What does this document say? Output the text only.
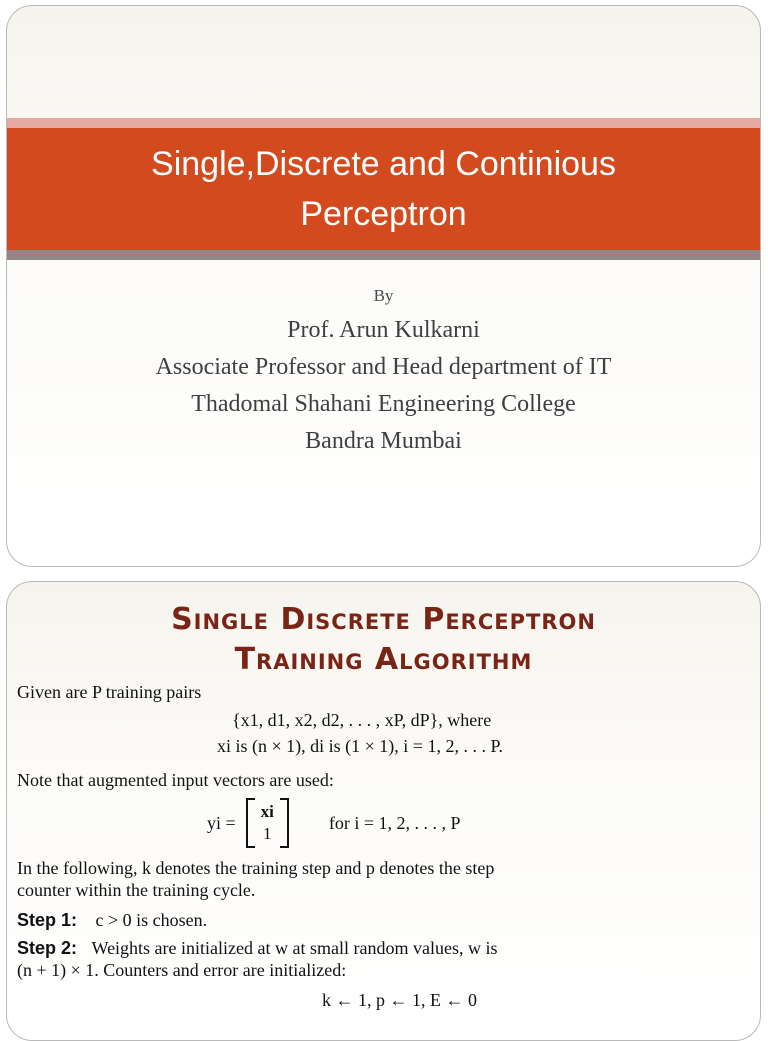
Single,Discrete and Continious
Perceptron
By
Prof. Arun Kulkarni
Associate Professor and Head department of IT
Thadomal Shahani Engineering College
Bandra Mumbai
Single Discrete Perceptron
Training Algorithm
Given are P training pairs
{x1, d1, x2, d2, . . . , xP, dP}, where
xi is (n × 1), di is (1 × 1), i = 1, 2, . . . P.
Note that augmented input vectors are used:
yi =
xi
1
for i = 1, 2, . . . , P
In the following, k denotes the training step and p denotes the step
counter within the training cycle.
Step 1: c > 0 is chosen.
Step 2: Weights are initialized at w at small random values, w is
(n + 1) × 1. Counters and error are initialized:
k ← 1, p ← 1, E ← 0
